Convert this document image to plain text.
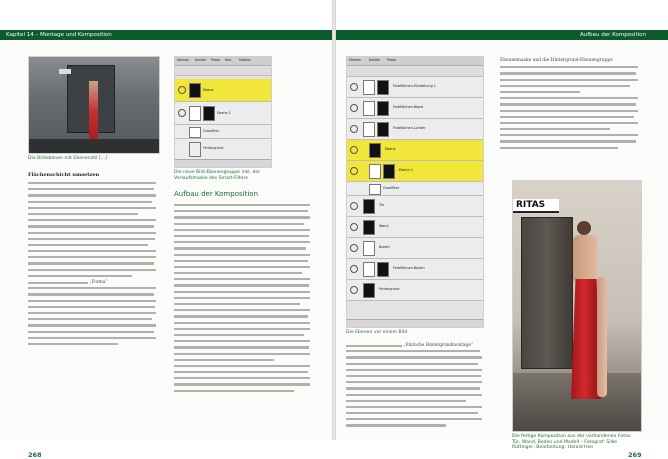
Die Bildebenen mit Ebenenstil [...]
Ebenen Kanäle Pfade Korr. Masken
Ebene
Ebene 1
Graufilter
Hintergrund
Die neue Bild-Ebenengruppe inkl. der Verlaufsmaske des Smart-Filters
Flächenschicht umsetzen
„Forma“
Aufbau der Komposition
268
Ebenen	Kanäle Pfade
Farbflächen-Einstellung 1
Farbflächen-Wand
Farbflächen-Lichter
Ebene
Ebene 1
Graufilter
Tür
Wand
Boden
Farbflächen-Boden
Hintergrund
Die Ebenen vor einem Bild
„Einfache Hintergrundmontage“
Ebenenmaske und die Hintergrund-Ebenengruppe
RITAS
Die fertige Komposition aus der vorhandenen Fotos. Tür, Wand, Boden und Modell – Fotograf: Silke Rüttinger, Bearbeitung: Harald Hen
269
Kapitel 14 – Montage und Komposition	Aufbau der Komposition
